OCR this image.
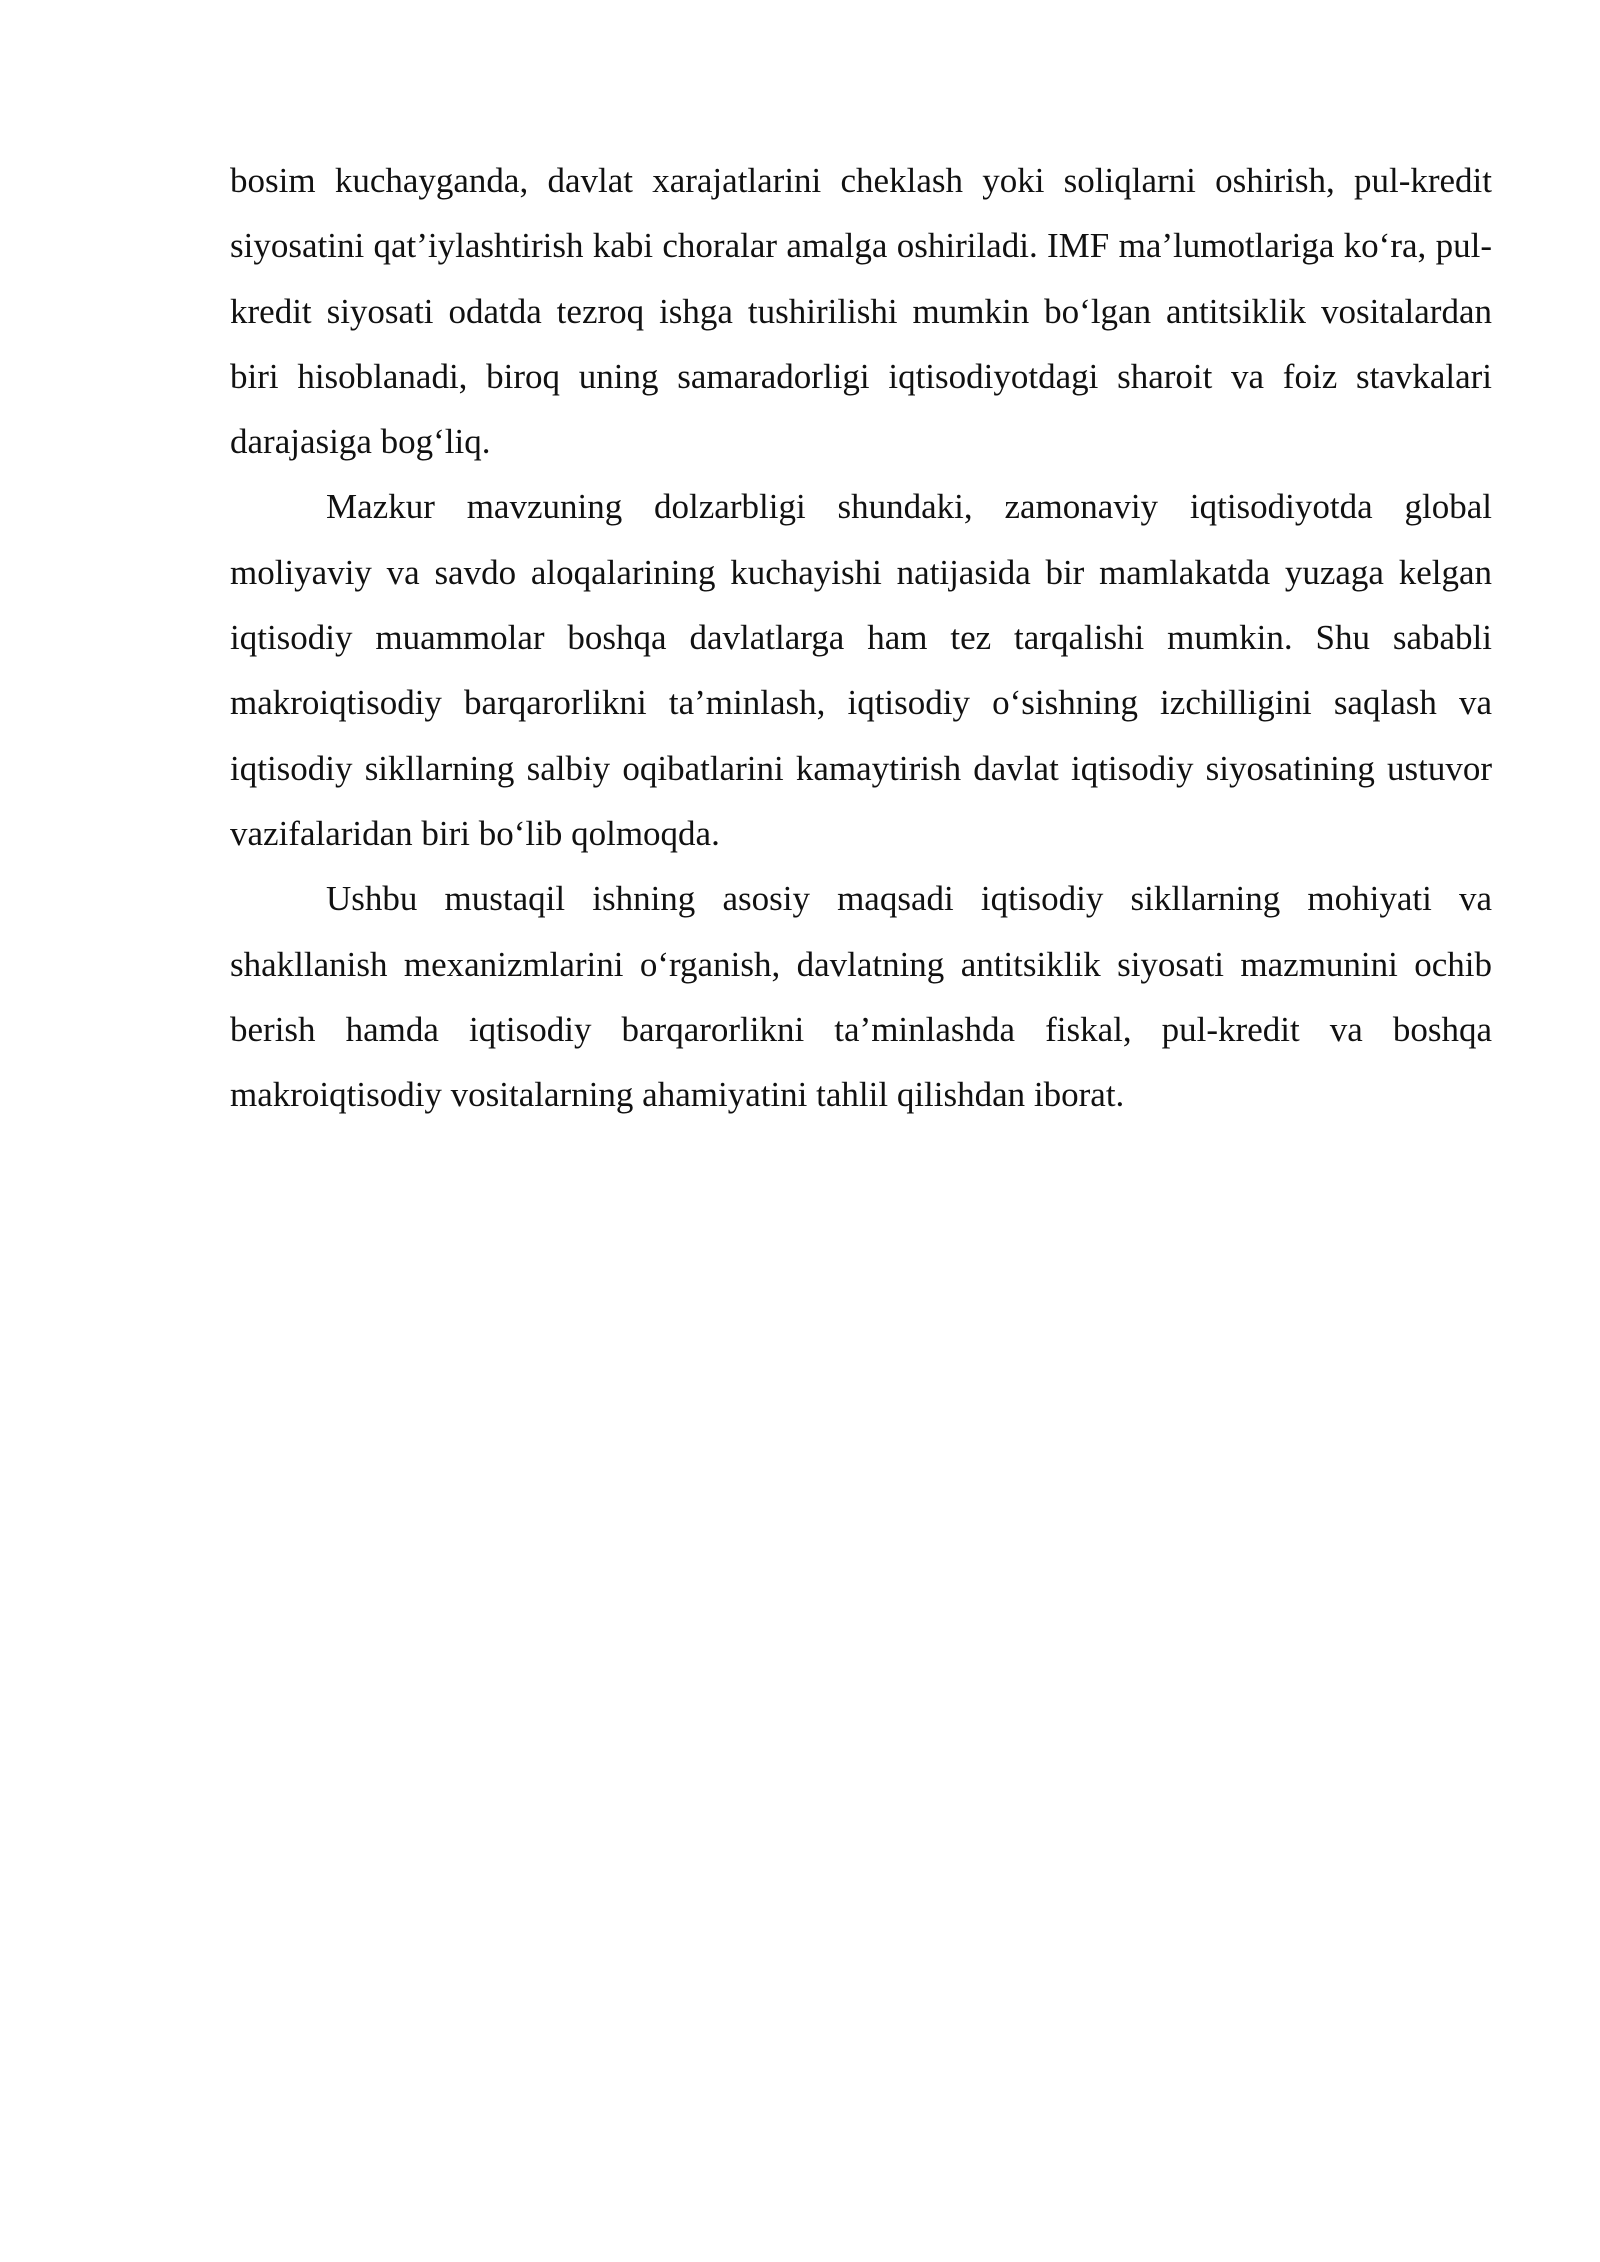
bosim kuchayganda, davlat xarajatlarini cheklash yoki soliqlarni oshirish, pul-kredit siyosatini qat’iylashtirish kabi choralar amalga oshiriladi. IMF ma’lumotlariga ko‘ra, pul-kredit siyosati odatda tezroq ishga tushirilishi mumkin bo‘lgan antitsiklik vositalardan biri hisoblanadi, biroq uning samaradorligi iqtisodiyotdagi sharoit va foiz stavkalari darajasiga bog‘liq.

Mazkur mavzuning dolzarbligi shundaki, zamonaviy iqtisodiyotda global moliyaviy va savdo aloqalarining kuchayishi natijasida bir mamlakatda yuzaga kelgan iqtisodiy muammolar boshqa davlatlarga ham tez tarqalishi mumkin. Shu sababli makroiqtisodiy barqarorlikni ta’minlash, iqtisodiy o‘sishning izchilligini saqlash va iqtisodiy sikllarning salbiy oqibatlarini kamaytirish davlat iqtisodiy siyosatining ustuvor vazifalaridan biri bo‘lib qolmoqda.

Ushbu mustaqil ishning asosiy maqsadi iqtisodiy sikllarning mohiyati va shakllanish mexanizmlarini o‘rganish, davlatning antitsiklik siyosati mazmunini ochib berish hamda iqtisodiy barqarorlikni ta’minlashda fiskal, pul-kredit va boshqa makroiqtisodiy vositalarning ahamiyatini tahlil qilishdan iborat.
